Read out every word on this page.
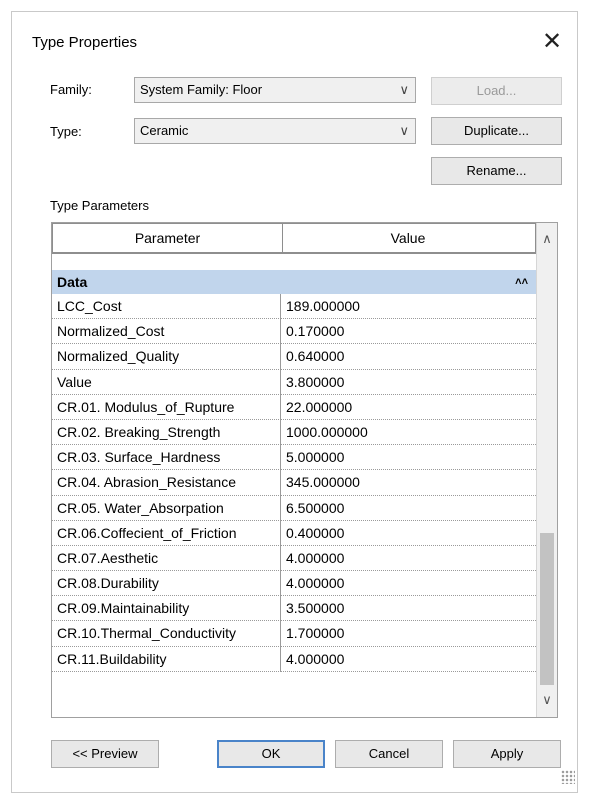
Type Properties	✕
Family:	System Family: Floor	∨
Type:	Ceramic	∨
Load...
Duplicate...
Rename...
Type Parameters
Parameter	Value
Data	˄˄
LCC_Cost	189.000000
Normalized_Cost	0.170000
Normalized_Quality	0.640000
Value	3.800000
CR.01. Modulus_of_Rupture	22.000000
CR.02. Breaking_Strength	1000.000000
CR.03. Surface_Hardness	5.000000
CR.04. Abrasion_Resistance	345.000000
CR.05. Water_Absorpation	6.500000
CR.06.Coffecient_of_Friction	0.400000
CR.07.Aesthetic	4.000000
CR.08.Durability	4.000000
CR.09.Maintainability	3.500000
CR.10.Thermal_Conductivity	1.700000
CR.11.Buildability	4.000000
∧
∨
<< Preview	OK	Cancel	Apply
